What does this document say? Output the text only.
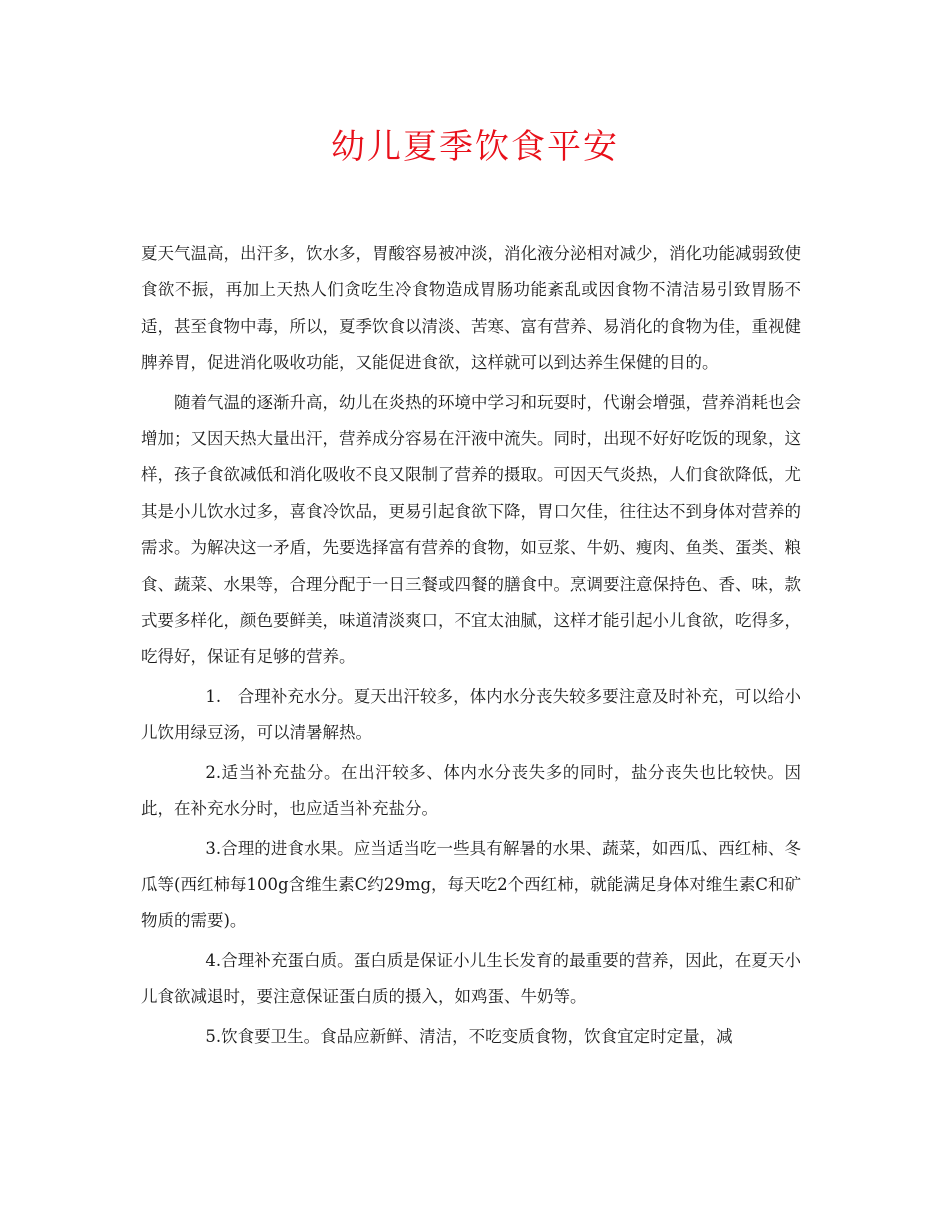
幼儿夏季饮食平安

夏天气温高，出汗多，饮水多，胃酸容易被冲淡，消化液分泌相对减少，消化功能减弱致使食欲不振，再加上天热人们贪吃生冷食物造成胃肠功能紊乱或因食物不清洁易引致胃肠不适，甚至食物中毒，所以，夏季饮食以清淡、苦寒、富有营养、易消化的食物为佳，重视健脾养胃，促进消化吸收功能，又能促进食欲，这样就可以到达养生保健的目的。

随着气温的逐渐升高，幼儿在炎热的环境中学习和玩耍时，代谢会增强，营养消耗也会增加；又因天热大量出汗，营养成分容易在汗液中流失。同时，出现不好好吃饭的现象，这样，孩子食欲减低和消化吸收不良又限制了营养的摄取。可因天气炎热，人们食欲降低，尤其是小儿饮水过多，喜食冷饮品，更易引起食欲下降，胃口欠佳，往往达不到身体对营养的需求。为解决这一矛盾，先要选择富有营养的食物，如豆浆、牛奶、瘦肉、鱼类、蛋类、粮食、蔬菜、水果等，合理分配于一日三餐或四餐的膳食中。烹调要注意保持色、香、味，款式要多样化，颜色要鲜美，味道清淡爽口，不宜太油腻，这样才能引起小儿食欲，吃得多，吃得好，保证有足够的营养。

1.　合理补充水分。夏天出汗较多，体内水分丧失较多要注意及时补充，可以给小儿饮用绿豆汤，可以清暑解热。

2.适当补充盐分。在出汗较多、体内水分丧失多的同时，盐分丧失也比较快。因此，在补充水分时，也应适当补充盐分。

3.合理的进食水果。应当适当吃一些具有解暑的水果、蔬菜，如西瓜、西红柿、冬瓜等(西红柿每100g含维生素C约29mg，每天吃2个西红柿，就能满足身体对维生素C和矿物质的需要)。

4.合理补充蛋白质。蛋白质是保证小儿生长发育的最重要的营养，因此，在夏天小儿食欲减退时，要注意保证蛋白质的摄入，如鸡蛋、牛奶等。

5.饮食要卫生。食品应新鲜、清洁，不吃变质食物，饮食宜定时定量，减
